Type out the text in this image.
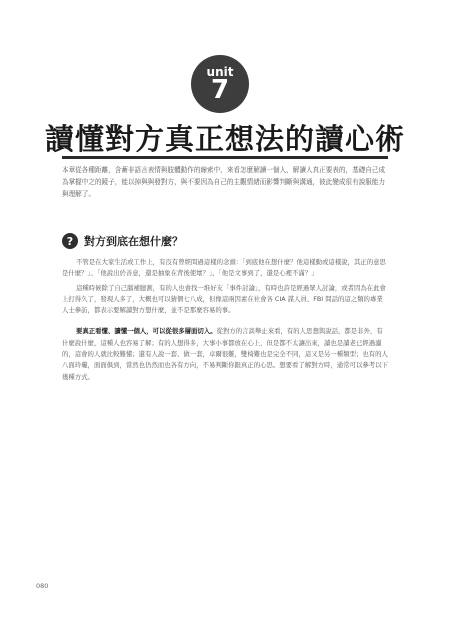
unit
7
讀懂對方真正想法的讀心術

本章從各種距離，含蓄非語言表情與肢體動作的線索中，來看怎麼解讀一個人，解讀人真正要表的，基礎自己成為掌握中之的鏡子，能以掉與與發對方，與不要因為自己的主觀情緒而影響判斷與溝通，彼此變成很有說服能力與理解了。

? 對方到底在想什麼？

不管是在大家生活或工作上，有沒有曾經問過這樣的念頭：「到底他在想什麼？他這樣動或這樣說，其正的意思是什麼？」、「他說出於善意，還是抽象在背後使壞？」、「他是文事到了，還是心裡不滿？」

這種時候除了自己腦補臆測，有的人也會找一堆好友「事件討論」，有時也許是經過眾人討論，或者因為在此會上打得久了，發現人多了，大概也可以猜個七八成，但像這兩因素在社會各 CIA 謀人員、FBI 問話的這之類的專業人士參訪，都表示要解讀對方想什麼，並不是那麼容易的事。

要真正看懂、讀懂一個人，可以從很多層面切入。從對方的言談舉止來看，有的人思想與說話，都是非外，有什麼說什麼，這種人也容易了解；有的人想得多，大事小事都放在心上，但是都不太讓出來，讀也是讀老已經過濾的，這會的人就比較難懂；還有人說一套、做一套，卓爾很難，雙椅難也是完全不同，這又是另一種類型；也有的人八面玲瓏，面面俱到，當然也仍然而也各有方向，不易判斷你跟真正的心思。想要看了解對方時，通常可以參考以下幾種方式。

080
